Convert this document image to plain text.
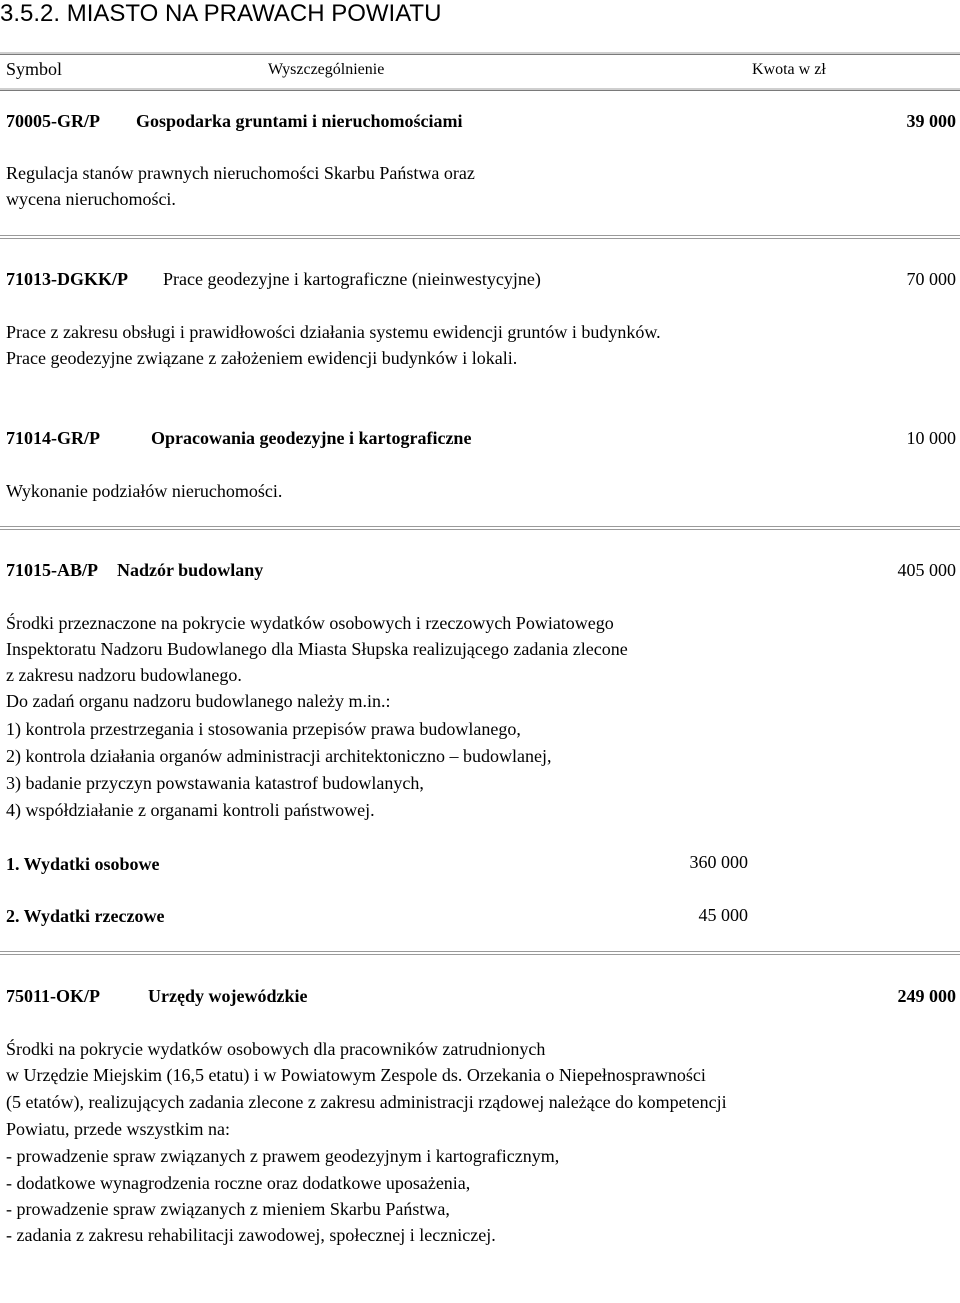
3.5.2. MIASTO NA PRAWACH POWIATU
Symbol	Wyszczególnienie	Kwota w zł
70005-GR/P Gospodarka gruntami i nieruchomościami	39 000
Regulacja stanów prawnych nieruchomości Skarbu Państwa oraz
wycena nieruchomości.
71013-DGKK/P Prace geodezyjne i kartograficzne (nieinwestycyjne)	70 000
Prace z zakresu obsługi i prawidłowości działania systemu ewidencji gruntów i budynków.
Prace geodezyjne związane z założeniem ewidencji budynków i lokali.
71014-GR/P	Opracowania geodezyjne i kartograficzne	10 000
Wykonanie podziałów nieruchomości.
71015-AB/P Nadzór budowlany	405 000
Środki przeznaczone na pokrycie wydatków osobowych i rzeczowych Powiatowego
Inspektoratu Nadzoru Budowlanego dla Miasta Słupska realizującego zadania zlecone
z zakresu nadzoru budowlanego.
Do zadań organu nadzoru budowlanego należy m.in.:
1) kontrola przestrzegania i stosowania przepisów prawa budowlanego,
2) kontrola działania organów administracji architektoniczno – budowlanej,
3) badanie przyczyn powstawania katastrof budowlanych,
4) współdziałanie z organami kontroli państwowej.
1. Wydatki osobowe	360 000
2. Wydatki rzeczowe	45 000
75011-OK/P	Urzędy wojewódzkie	249 000
Środki na pokrycie wydatków osobowych dla pracowników zatrudnionych
w Urzędzie Miejskim (16,5 etatu) i w Powiatowym Zespole ds. Orzekania o Niepełnosprawności
(5 etatów), realizujących zadania zlecone z zakresu administracji rządowej należące do kompetencji
Powiatu, przede wszystkim na:
- prowadzenie spraw związanych z prawem geodezyjnym i kartograficznym,
- dodatkowe wynagrodzenia roczne oraz dodatkowe uposażenia,
- prowadzenie spraw związanych z mieniem Skarbu Państwa,
- zadania z zakresu rehabilitacji zawodowej, społecznej i leczniczej.
